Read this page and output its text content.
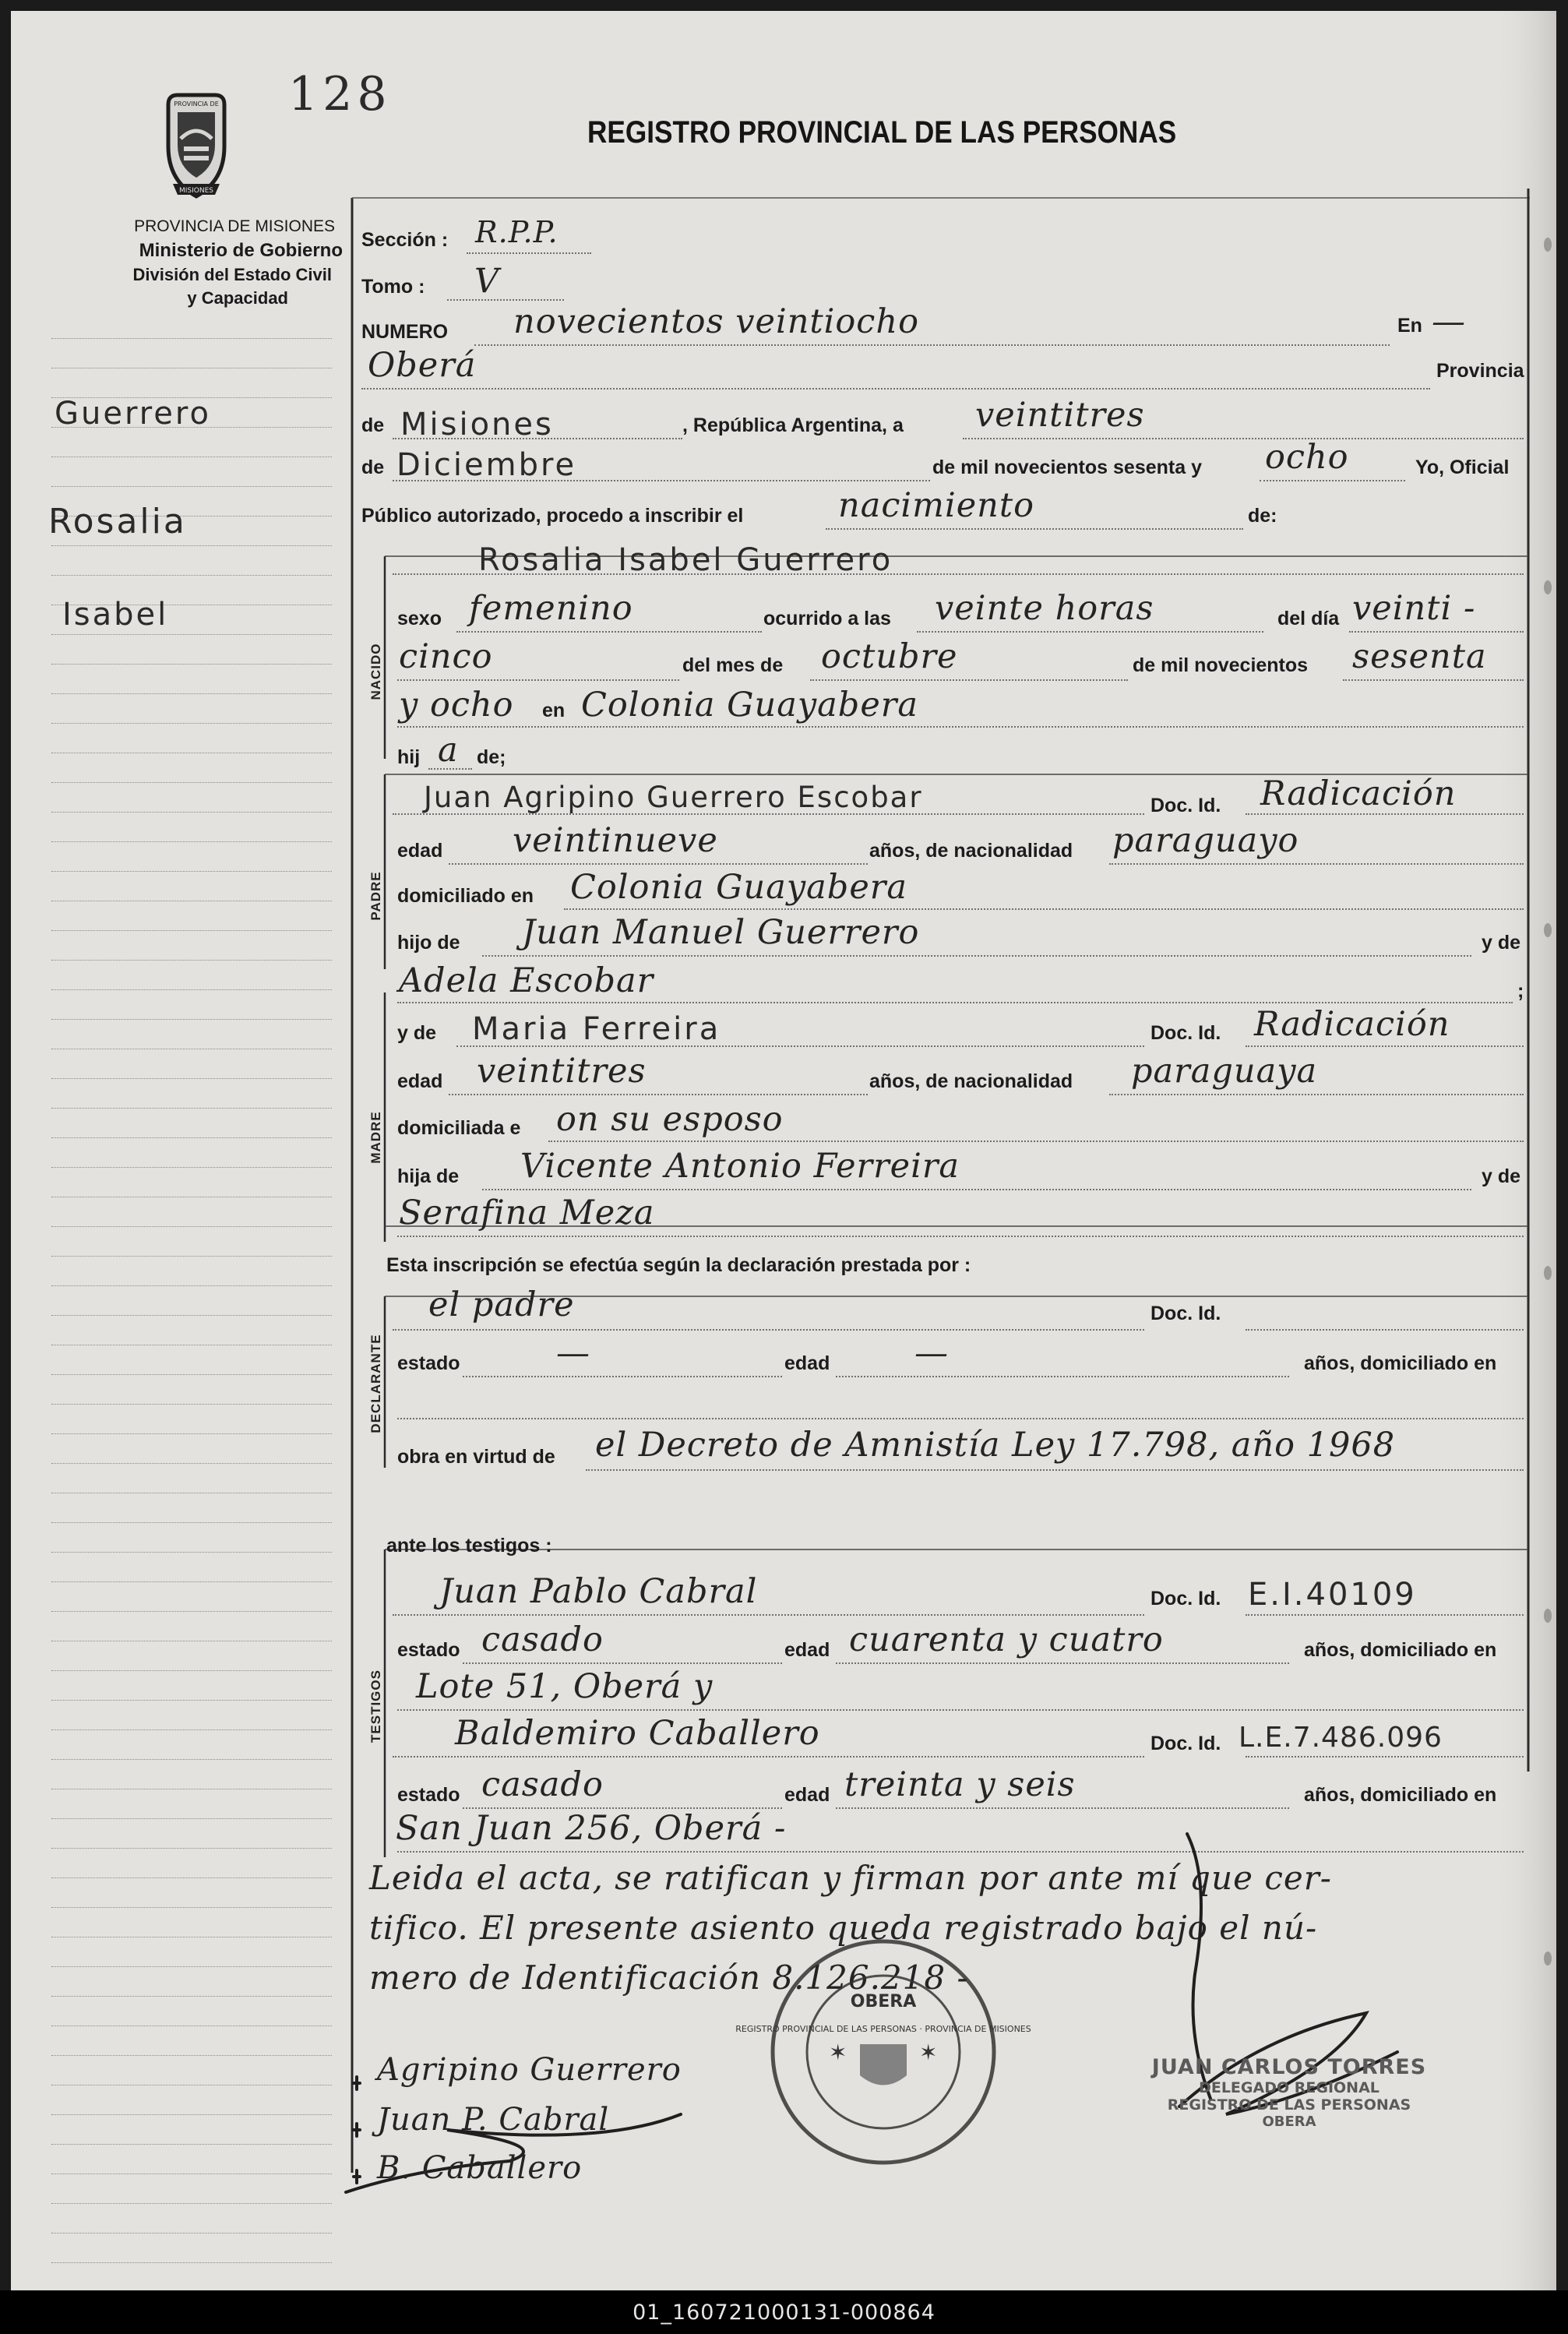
PROVINCIA DE
MISIONES
128
REGISTRO PROVINCIAL DE LAS PERSONAS
PROVINCIA DE MISIONES
Ministerio de Gobierno
División del Estado Civil
y Capacidad
Guerrero
Rosalia
Isabel
NACIDO
PADRE
MADRE
DECLARANTE
TESTIGOS
Sección : R.P.P.
Tomo : V
NUMERO novecientos veintiocho	En —
Oberá	Provincia
de Misiones	, República Argentina, a veintitres
de Diciembre	de mil novecientos sesenta y ocho	Yo, Oficial
Público autorizado, procedo a inscribir el	nacimiento	de:
Rosalia Isabel Guerrero
sexo femenino	ocurrido a las veinte horas	del día veinti -
cinco	del mes de octubre	de mil novecientos sesenta
y ocho en Colonia Guayabera
hij a de;
Juan Agripino Guerrero Escobar	Doc. Id. Radicación
edad veintinueve	años, de nacionalidad paraguayo
domiciliado en Colonia Guayabera
hijo de Juan Manuel Guerrero	y de
Adela Escobar	;
y de Maria Ferreira	Doc. Id. Radicación
edad veintitres	años, de nacionalidad paraguaya
domiciliada e on su esposo
hija de Vicente Antonio Ferreira	y de
Serafina Meza
Esta inscripción se efectúa según la declaración prestada por :
el padre	Doc. Id.
estado	—	edad	—	años, domiciliado en
obra en virtud de el Decreto de Amnistía Ley 17.798, año 1968
ante los testigos :
Juan Pablo Cabral	Doc. Id. E.I.40109
estado casado	edad cuarenta y cuatro	años, domiciliado en
Lote 51, Oberá y
Baldemiro Caballero	Doc. Id. L.E.7.486.096
estado casado	edad treinta y seis	años, domiciliado en
San Juan 256, Oberá -
Leida el acta, se ratifican y firman por ante mí que cer-
tifico. El presente asiento queda registrado bajo el nú-
mero de Identificación 8.126.218 -
Agripino Guerrero
Juan P. Cabral
B. Caballero
OBERA
REGISTRO PROVINCIAL DE LAS PERSONAS · PROVINCIA DE MISIONES
✶	✶
JUAN CARLOS TORRES
DELEGADO REGIONAL
REGISTRO DE LAS PERSONAS
OBERA
01_160721000131-000864
